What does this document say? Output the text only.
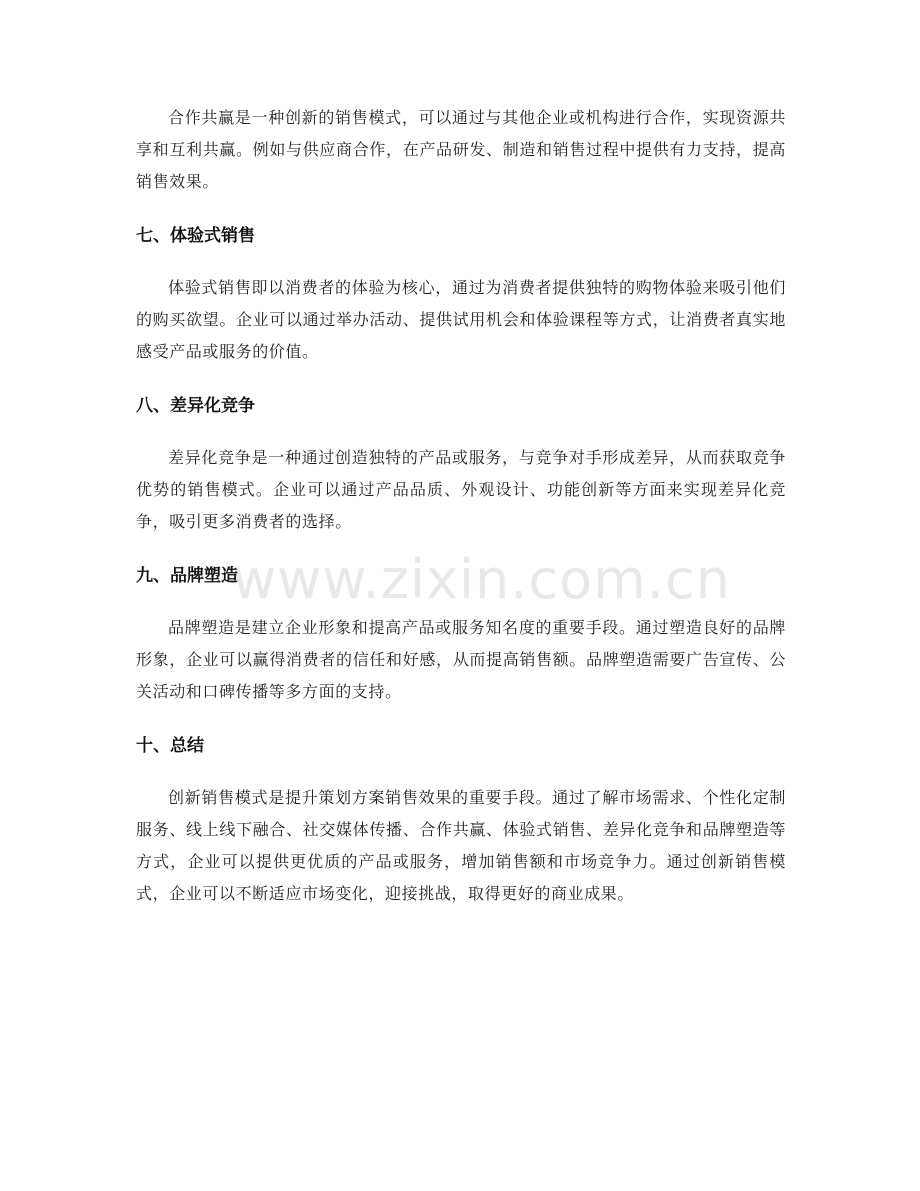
合作共赢是一种创新的销售模式，可以通过与其他企业或机构进行合作，实现资源共享和互利共赢。例如与供应商合作，在产品研发、制造和销售过程中提供有力支持，提高销售效果。

七、体验式销售

体验式销售即以消费者的体验为核心，通过为消费者提供独特的购物体验来吸引他们的购买欲望。企业可以通过举办活动、提供试用机会和体验课程等方式，让消费者真实地感受产品或服务的价值。

八、差异化竞争

差异化竞争是一种通过创造独特的产品或服务，与竞争对手形成差异，从而获取竞争优势的销售模式。企业可以通过产品品质、外观设计、功能创新等方面来实现差异化竞争，吸引更多消费者的选择。

九、品牌塑造

品牌塑造是建立企业形象和提高产品或服务知名度的重要手段。通过塑造良好的品牌形象，企业可以赢得消费者的信任和好感，从而提高销售额。品牌塑造需要广告宣传、公关活动和口碑传播等多方面的支持。

十、总结

创新销售模式是提升策划方案销售效果的重要手段。通过了解市场需求、个性化定制服务、线上线下融合、社交媒体传播、合作共赢、体验式销售、差异化竞争和品牌塑造等方式，企业可以提供更优质的产品或服务，增加销售额和市场竞争力。通过创新销售模式，企业可以不断适应市场变化，迎接挑战，取得更好的商业成果。

www.zixin.com.cn
